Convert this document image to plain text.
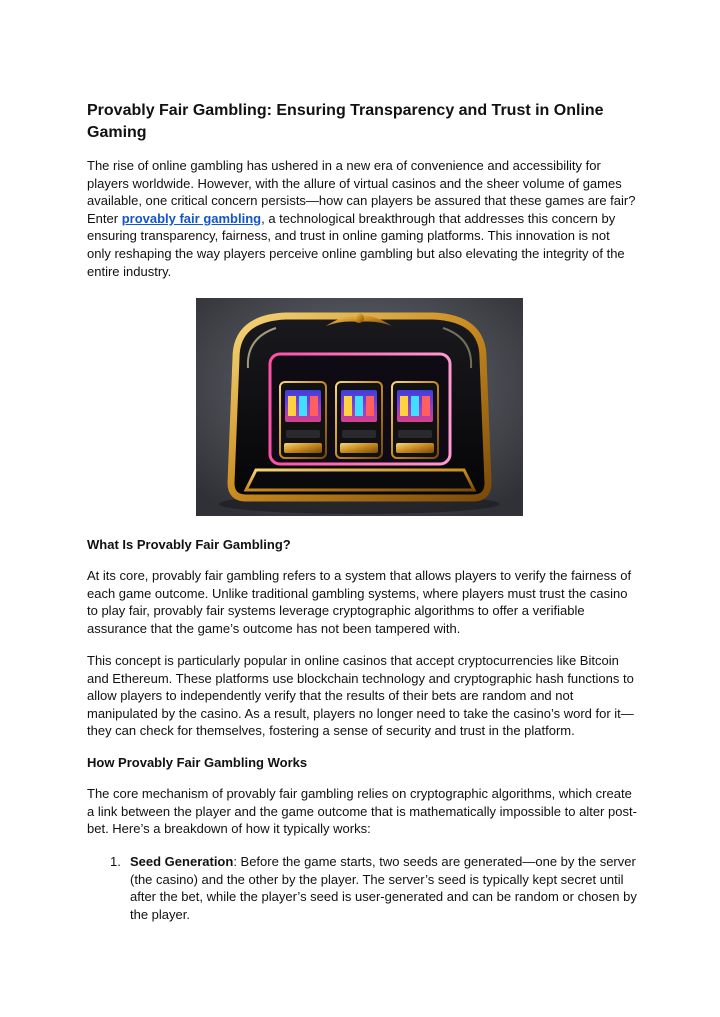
Provably Fair Gambling: Ensuring Transparency and Trust in Online Gaming

The rise of online gambling has ushered in a new era of convenience and accessibility for players worldwide. However, with the allure of virtual casinos and the sheer volume of games available, one critical concern persists—how can players be assured that these games are fair? Enter provably fair gambling, a technological breakthrough that addresses this concern by ensuring transparency, fairness, and trust in online gaming platforms. This innovation is not only reshaping the way players perceive online gambling but also elevating the integrity of the entire industry.

What Is Provably Fair Gambling?

At its core, provably fair gambling refers to a system that allows players to verify the fairness of each game outcome. Unlike traditional gambling systems, where players must trust the casino to play fair, provably fair systems leverage cryptographic algorithms to offer a verifiable assurance that the game’s outcome has not been tampered with.

This concept is particularly popular in online casinos that accept cryptocurrencies like Bitcoin and Ethereum. These platforms use blockchain technology and cryptographic hash functions to allow players to independently verify that the results of their bets are random and not manipulated by the casino. As a result, players no longer need to take the casino’s word for it—they can check for themselves, fostering a sense of security and trust in the platform.

How Provably Fair Gambling Works

The core mechanism of provably fair gambling relies on cryptographic algorithms, which create a link between the player and the game outcome that is mathematically impossible to alter post-bet. Here’s a breakdown of how it typically works:

1. Seed Generation: Before the game starts, two seeds are generated—one by the server (the casino) and the other by the player. The server’s seed is typically kept secret until after the bet, while the player’s seed is user-generated and can be random or chosen by the player.
